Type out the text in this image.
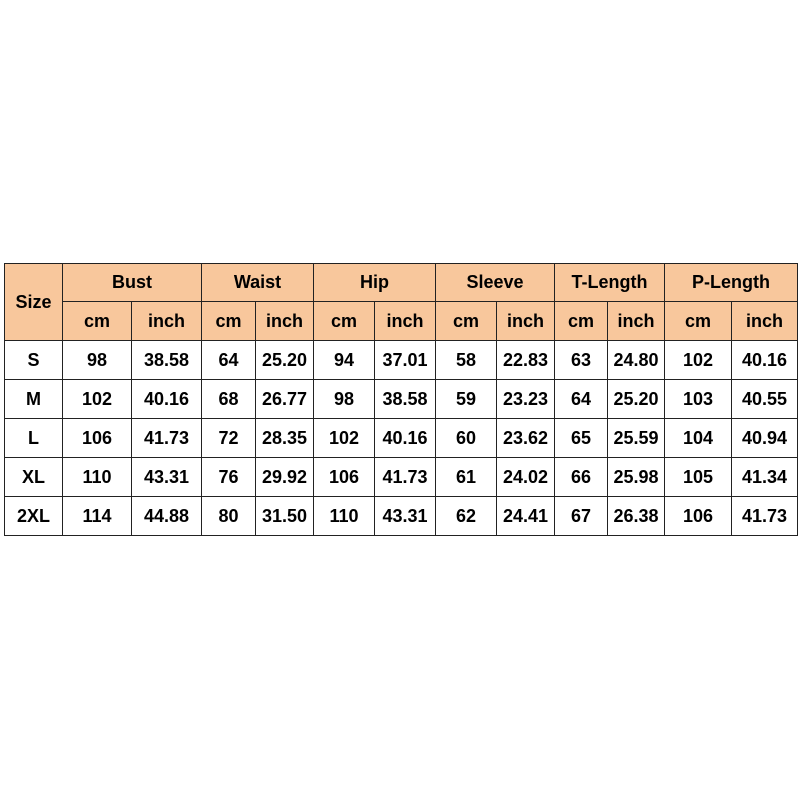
Size	Bust		Waist		Hip		Sleeve		T-Length		P-Length	
	cm	inch	cm	inch	cm	inch	cm	inch	cm	inch	cm	inch
S	98	38.58	64	25.20	94	37.01	58	22.83	63	24.80	102	40.16
M	102	40.16	68	26.77	98	38.58	59	23.23	64	25.20	103	40.55
L	106	41.73	72	28.35	102	40.16	60	23.62	65	25.59	104	40.94
XL	110	43.31	76	29.92	106	41.73	61	24.02	66	25.98	105	41.34
2XL	114	44.88	80	31.50	110	43.31	62	24.41	67	26.38	106	41.73
